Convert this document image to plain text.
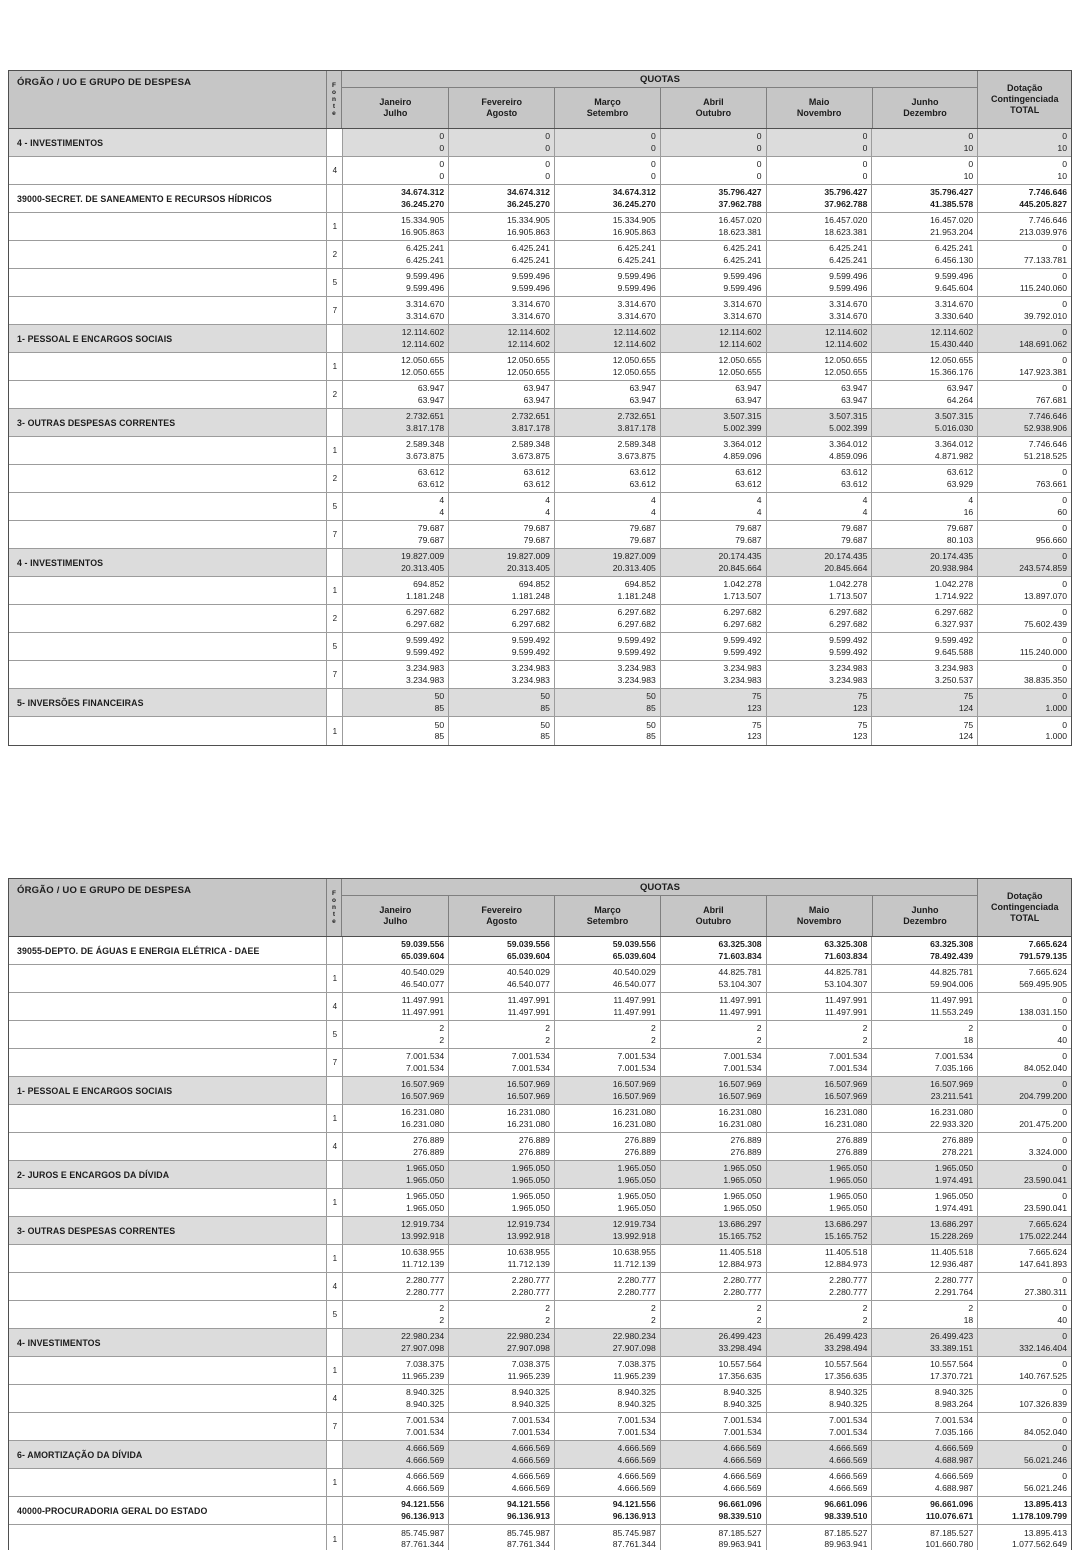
ÓRGÃO / UO E GRUPO DE DESPESA	F
o
n
t
e
QUOTAS
Janeiro
Julho
Fevereiro
Agosto
Março
Setembro
Abril
Outubro
Maio
Novembro
Junho
Dezembro
Dotação
Contingenciada
TOTAL
4 - INVESTIMENTOS
0
0
0
0
0
0
0
0
0
0
0
10
0
10
4
0
0
0
0
0
0
0
0
0
0
0
10
0
10
39000-SECRET. DE SANEAMENTO E RECURSOS HÍDRICOS
34.674.312
36.245.270
34.674.312
36.245.270
34.674.312
36.245.270
35.796.427
37.962.788
35.796.427
37.962.788
35.796.427
41.385.578
7.746.646
445.205.827
1
15.334.905
16.905.863
15.334.905
16.905.863
15.334.905
16.905.863
16.457.020
18.623.381
16.457.020
18.623.381
16.457.020
21.953.204
7.746.646
213.039.976
2
6.425.241
6.425.241
6.425.241
6.425.241
6.425.241
6.425.241
6.425.241
6.425.241
6.425.241
6.425.241
6.425.241
6.456.130
0
77.133.781
5
9.599.496
9.599.496
9.599.496
9.599.496
9.599.496
9.599.496
9.599.496
9.599.496
9.599.496
9.599.496
9.599.496
9.645.604
0
115.240.060
7
3.314.670
3.314.670
3.314.670
3.314.670
3.314.670
3.314.670
3.314.670
3.314.670
3.314.670
3.314.670
3.314.670
3.330.640
0
39.792.010
1- PESSOAL E ENCARGOS SOCIAIS
12.114.602
12.114.602
12.114.602
12.114.602
12.114.602
12.114.602
12.114.602
12.114.602
12.114.602
12.114.602
12.114.602
15.430.440
0
148.691.062
1
12.050.655
12.050.655
12.050.655
12.050.655
12.050.655
12.050.655
12.050.655
12.050.655
12.050.655
12.050.655
12.050.655
15.366.176
0
147.923.381
2
63.947
63.947
63.947
63.947
63.947
63.947
63.947
63.947
63.947
63.947
63.947
64.264
0
767.681
3- OUTRAS DESPESAS CORRENTES
2.732.651
3.817.178
2.732.651
3.817.178
2.732.651
3.817.178
3.507.315
5.002.399
3.507.315
5.002.399
3.507.315
5.016.030
7.746.646
52.938.906
1
2.589.348
3.673.875
2.589.348
3.673.875
2.589.348
3.673.875
3.364.012
4.859.096
3.364.012
4.859.096
3.364.012
4.871.982
7.746.646
51.218.525
2
63.612
63.612
63.612
63.612
63.612
63.612
63.612
63.612
63.612
63.612
63.612
63.929
0
763.661
5
4
4
4
4
4
4
4
4
4
4
4
16
0
60
7
79.687
79.687
79.687
79.687
79.687
79.687
79.687
79.687
79.687
79.687
79.687
80.103
0
956.660
4 - INVESTIMENTOS
19.827.009
20.313.405
19.827.009
20.313.405
19.827.009
20.313.405
20.174.435
20.845.664
20.174.435
20.845.664
20.174.435
20.938.984
0
243.574.859
1
694.852
1.181.248
694.852
1.181.248
694.852
1.181.248
1.042.278
1.713.507
1.042.278
1.713.507
1.042.278
1.714.922
0
13.897.070
2
6.297.682
6.297.682
6.297.682
6.297.682
6.297.682
6.297.682
6.297.682
6.297.682
6.297.682
6.297.682
6.297.682
6.327.937
0
75.602.439
5
9.599.492
9.599.492
9.599.492
9.599.492
9.599.492
9.599.492
9.599.492
9.599.492
9.599.492
9.599.492
9.599.492
9.645.588
0
115.240.000
7
3.234.983
3.234.983
3.234.983
3.234.983
3.234.983
3.234.983
3.234.983
3.234.983
3.234.983
3.234.983
3.234.983
3.250.537
0
38.835.350
5- INVERSÕES FINANCEIRAS
50
85
50
85
50
85
75
123
75
123
75
124
0
1.000
1
50
85
50
85
50
85
75
123
75
123
75
124
0
1.000
ÓRGÃO / UO E GRUPO DE DESPESA	F
o
n
t
e
QUOTAS
Janeiro
Julho
Fevereiro
Agosto
Março
Setembro
Abril
Outubro
Maio
Novembro
Junho
Dezembro
Dotação
Contingenciada
TOTAL
39055-DEPTO. DE ÁGUAS E ENERGIA ELÉTRICA - DAEE
59.039.556
65.039.604
59.039.556
65.039.604
59.039.556
65.039.604
63.325.308
71.603.834
63.325.308
71.603.834
63.325.308
78.492.439
7.665.624
791.579.135
1
40.540.029
46.540.077
40.540.029
46.540.077
40.540.029
46.540.077
44.825.781
53.104.307
44.825.781
53.104.307
44.825.781
59.904.006
7.665.624
569.495.905
4
11.497.991
11.497.991
11.497.991
11.497.991
11.497.991
11.497.991
11.497.991
11.497.991
11.497.991
11.497.991
11.497.991
11.553.249
0
138.031.150
5
2
2
2
2
2
2
2
2
2
2
2
18
0
40
7
7.001.534
7.001.534
7.001.534
7.001.534
7.001.534
7.001.534
7.001.534
7.001.534
7.001.534
7.001.534
7.001.534
7.035.166
0
84.052.040
1- PESSOAL E ENCARGOS SOCIAIS
16.507.969
16.507.969
16.507.969
16.507.969
16.507.969
16.507.969
16.507.969
16.507.969
16.507.969
16.507.969
16.507.969
23.211.541
0
204.799.200
1
16.231.080
16.231.080
16.231.080
16.231.080
16.231.080
16.231.080
16.231.080
16.231.080
16.231.080
16.231.080
16.231.080
22.933.320
0
201.475.200
4
276.889
276.889
276.889
276.889
276.889
276.889
276.889
276.889
276.889
276.889
276.889
278.221
0
3.324.000
2- JUROS E ENCARGOS DA DÍVIDA
1.965.050
1.965.050
1.965.050
1.965.050
1.965.050
1.965.050
1.965.050
1.965.050
1.965.050
1.965.050
1.965.050
1.974.491
0
23.590.041
1
1.965.050
1.965.050
1.965.050
1.965.050
1.965.050
1.965.050
1.965.050
1.965.050
1.965.050
1.965.050
1.965.050
1.974.491
0
23.590.041
3- OUTRAS DESPESAS CORRENTES
12.919.734
13.992.918
12.919.734
13.992.918
12.919.734
13.992.918
13.686.297
15.165.752
13.686.297
15.165.752
13.686.297
15.228.269
7.665.624
175.022.244
1
10.638.955
11.712.139
10.638.955
11.712.139
10.638.955
11.712.139
11.405.518
12.884.973
11.405.518
12.884.973
11.405.518
12.936.487
7.665.624
147.641.893
4
2.280.777
2.280.777
2.280.777
2.280.777
2.280.777
2.280.777
2.280.777
2.280.777
2.280.777
2.280.777
2.280.777
2.291.764
0
27.380.311
5
2
2
2
2
2
2
2
2
2
2
2
18
0
40
4- INVESTIMENTOS
22.980.234
27.907.098
22.980.234
27.907.098
22.980.234
27.907.098
26.499.423
33.298.494
26.499.423
33.298.494
26.499.423
33.389.151
0
332.146.404
1
7.038.375
11.965.239
7.038.375
11.965.239
7.038.375
11.965.239
10.557.564
17.356.635
10.557.564
17.356.635
10.557.564
17.370.721
0
140.767.525
4
8.940.325
8.940.325
8.940.325
8.940.325
8.940.325
8.940.325
8.940.325
8.940.325
8.940.325
8.940.325
8.940.325
8.983.264
0
107.326.839
7
7.001.534
7.001.534
7.001.534
7.001.534
7.001.534
7.001.534
7.001.534
7.001.534
7.001.534
7.001.534
7.001.534
7.035.166
0
84.052.040
6- AMORTIZAÇÃO DA DÍVIDA
4.666.569
4.666.569
4.666.569
4.666.569
4.666.569
4.666.569
4.666.569
4.666.569
4.666.569
4.666.569
4.666.569
4.688.987
0
56.021.246
1
4.666.569
4.666.569
4.666.569
4.666.569
4.666.569
4.666.569
4.666.569
4.666.569
4.666.569
4.666.569
4.666.569
4.688.987
0
56.021.246
40000-PROCURADORIA GERAL DO ESTADO
94.121.556
96.136.913
94.121.556
96.136.913
94.121.556
96.136.913
96.661.096
98.339.510
96.661.096
98.339.510
96.661.096
110.076.671
13.895.413
1.178.109.799
1
85.745.987
87.761.344
85.745.987
87.761.344
85.745.987
87.761.344
87.185.527
89.963.941
87.185.527
89.963.941
87.185.527
101.660.780
13.895.413
1.077.562.649
